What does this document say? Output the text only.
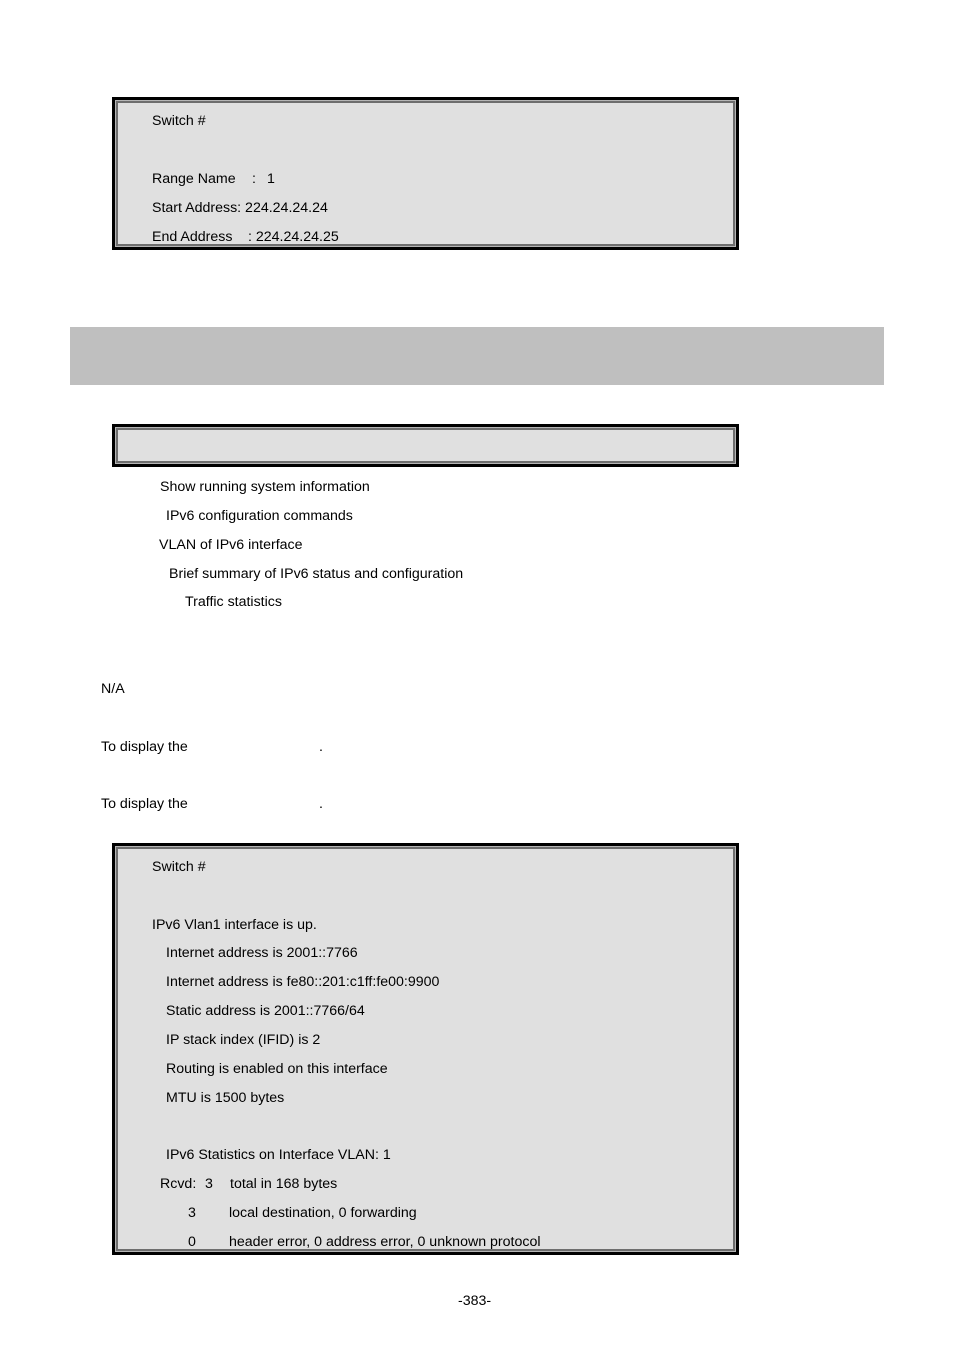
Switch #
Range Name : 1
Start Address: 224.24.24.24
End Address : 224.24.24.25
Show running system information
IPv6 configuration commands
VLAN of IPv6 interface
Brief summary of IPv6 status and configuration
Traffic statistics
N/A
To display the	.
To display the	.
Switch #
IPv6 Vlan1 interface is up.
Internet address is 2001::7766
Internet address is fe80::201:c1ff:fe00:9900
Static address is 2001::7766/64
IP stack index (IFID) is 2
Routing is enabled on this interface
MTU is 1500 bytes
IPv6 Statistics on Interface VLAN: 1
Rcvd: 3 total in 168 bytes
3 local destination, 0 forwarding
0 header error, 0 address error, 0 unknown protocol
-383-
